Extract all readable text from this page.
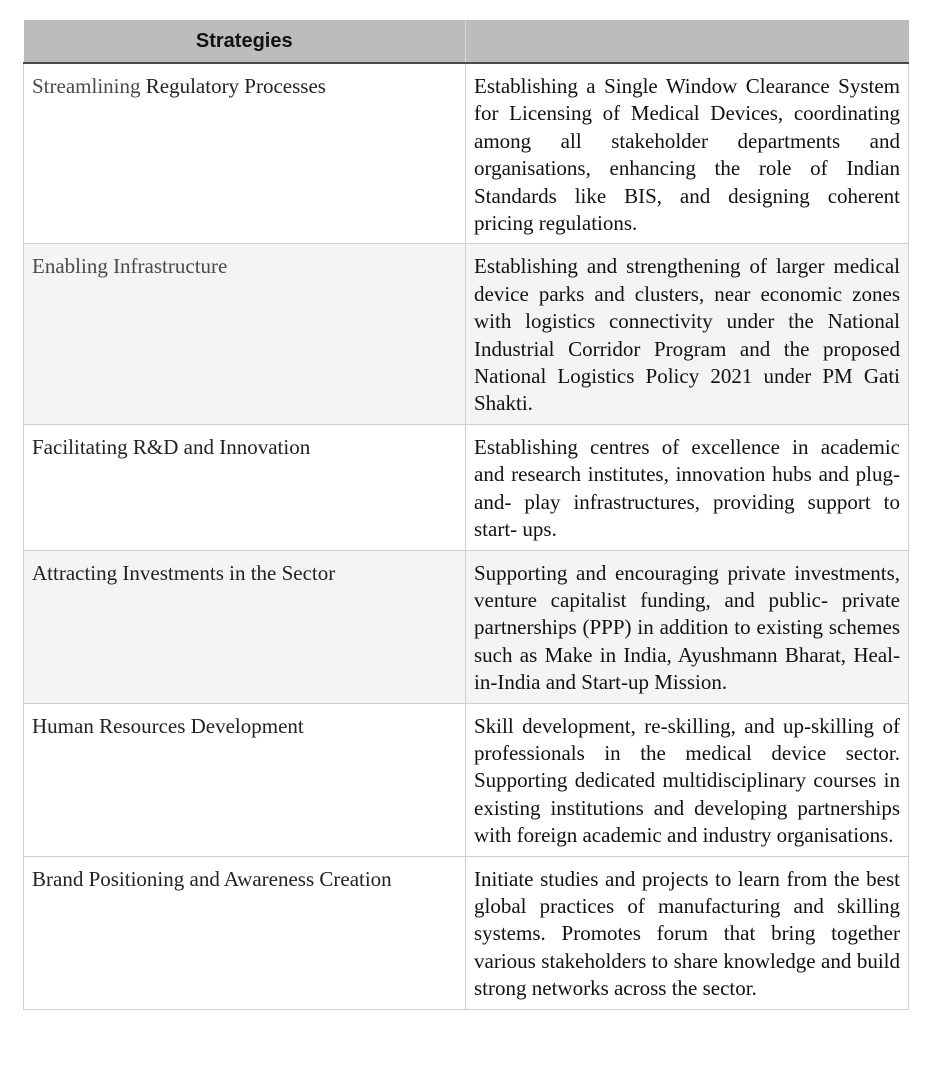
Strategies	
Streamlining Regulatory Processes	Establishing a Single Window Clearance System for Licensing of Medical Devices, coordinating among all stakeholder departments and organisations, enhancing the role of Indian Standards like BIS, and designing coherent pricing regulations.
Enabling Infrastructure	Establishing and strengthening of larger medical device parks and clusters, near economic zones with logistics connectivity under the National Industrial Corridor Program and the proposed National Logistics Policy 2021 under PM Gati Shakti.
Facilitating R&D and Innovation	Establishing centres of excellence in academic and research institutes, innovation hubs and plug-and- play infrastructures, providing support to start- ups.
Attracting Investments in the Sector	Supporting and encouraging private investments, venture capitalist funding, and public- private partnerships (PPP) in addition to existing schemes such as Make in India, Ayushmann Bharat, Heal-in-India and Start-up Mission.
Human Resources Development	Skill development, re-skilling, and up-skilling of professionals in the medical device sector. Supporting dedicated multidisciplinary courses in existing institutions and developing partnerships with foreign academic and industry organisations.
Brand Positioning and Awareness Creation	Initiate studies and projects to learn from the best global practices of manufacturing and skilling systems. Promotes forum that bring together various stakeholders to share knowledge and build strong networks across the sector.
